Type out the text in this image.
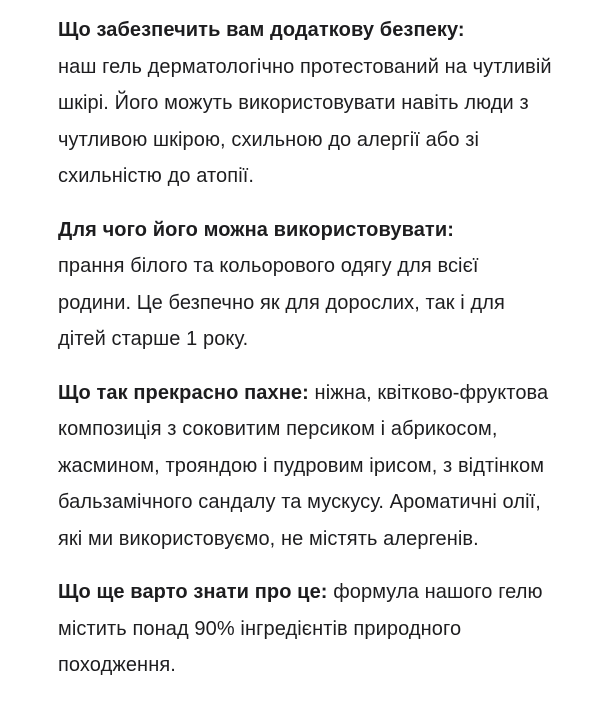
Що забезпечить вам додаткову безпеку:
наш гель дерматологічно протестований на чутливій шкірі. Його можуть використовувати навіть люди з чутливою шкірою, схильною до алергії або зі схильністю до атопії.

Для чого його можна використовувати:
прання білого та кольорового одягу для всієї родини. Це безпечно як для дорослих, так і для дітей старше 1 року.

Що так прекрасно пахне: ніжна, квітково-фруктова композиція з соковитим персиком і абрикосом, жасмином, трояндою і пудровим ірисом, з відтінком бальзамічного сандалу та мускусу. Ароматичні олії, які ми використовуємо, не містять алергенів.

Що ще варто знати про це: формула нашого гелю містить понад 90% інгредієнтів природного походження.
